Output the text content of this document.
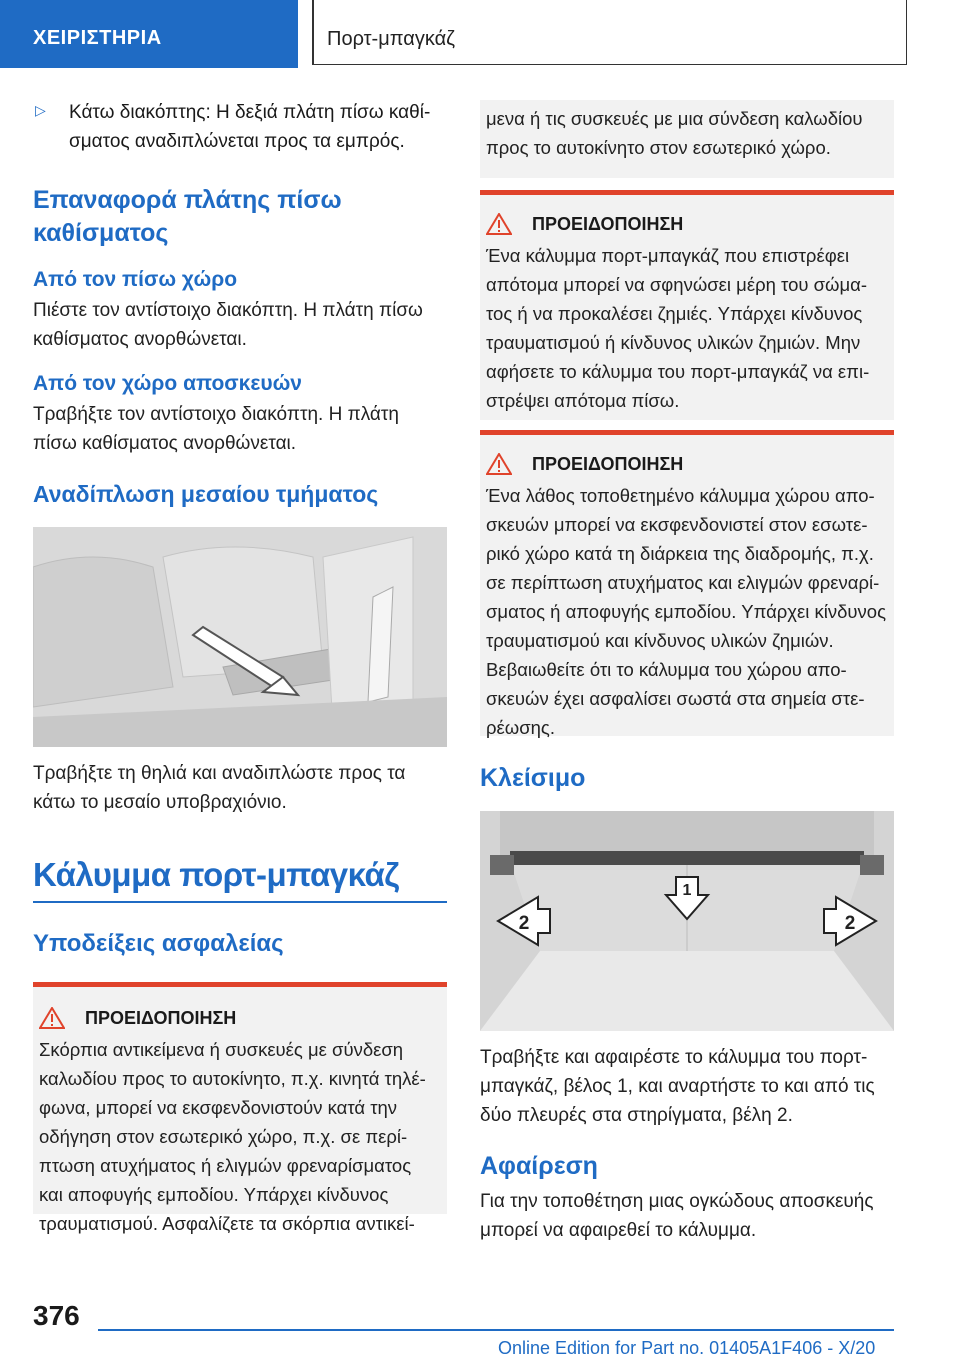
ΧΕΙΡΙΣΤΗΡΙΑ	Πορτ-μπαγκάζ
▷	Κάτω διακόπτης: Η δεξιά πλάτη πίσω καθίσματος αναδιπλώνεται προς τα εμπρός.

Επαναφορά πλάτης πίσω καθίσματος
Από τον πίσω χώρο

Πιέστε τον αντίστοιχο διακόπτη. Η πλάτη πίσω καθίσματος ανορθώνεται.

Από τον χώρο αποσκευών

Τραβήξτε τον αντίστοιχο διακόπτη. Η πλάτη πίσω καθίσματος ανορθώνεται.

Αναδίπλωση μεσαίου τμήματος

Τραβήξτε τη θηλιά και αναδιπλώστε προς τα κάτω το μεσαίο υποβραχιόνιο.

Κάλυμμα πορτ-μπαγκάζ
Υποδείξεις ασφαλείας
ΠΡΟΕΙΔΟΠΟΙΗΣΗ

Σκόρπια αντικείμενα ή συσκευές με σύνδεση καλωδίου προς το αυτοκίνητο, π.χ. κινητά τηλέφωνα, μπορεί να εκσφενδονιστούν κατά την οδήγηση στον εσωτερικό χώρο, π.χ. σε περίπτωση ατυχήματος ή ελιγμών φρεναρίσματος και αποφυγής εμποδίου. Υπάρχει κίνδυνος τραυματισμού. Ασφαλίζετε τα σκόρπια αντικεί-

μενα ή τις συσκευές με μια σύνδεση καλωδίου προς το αυτοκίνητο στον εσωτερικό χώρο.

ΠΡΟΕΙΔΟΠΟΙΗΣΗ

Ένα κάλυμμα πορτ-μπαγκάζ που επιστρέφει απότομα μπορεί να σφηνώσει μέρη του σώματος ή να προκαλέσει ζημιές. Υπάρχει κίνδυνος τραυματισμού ή κίνδυνος υλικών ζημιών. Μην αφήσετε το κάλυμμα του πορτ-μπαγκάζ να επιστρέψει απότομα πίσω.

ΠΡΟΕΙΔΟΠΟΙΗΣΗ

Ένα λάθος τοποθετημένο κάλυμμα χώρου αποσκευών μπορεί να εκσφενδονιστεί στον εσωτερικό χώρο κατά τη διάρκεια της διαδρομής, π.χ. σε περίπτωση ατυχήματος και ελιγμών φρεναρίσματος ή αποφυγής εμποδίου. Υπάρχει κίνδυνος τραυματισμού και κίνδυνος υλικών ζημιών. Βεβαιωθείτε ότι το κάλυμμα του χώρου αποσκευών έχει ασφαλίσει σωστά στα σημεία στερέωσης.

Κλείσιμο
1
2	2

Τραβήξτε και αφαιρέστε το κάλυμμα του πορτ-μπαγκάζ, βέλος 1, και αναρτήστε το και από τις δύο πλευρές στα στηρίγματα, βέλη 2.

Αφαίρεση

Για την τοποθέτηση μιας ογκώδους αποσκευής μπορεί να αφαιρεθεί το κάλυμμα.

376
Online Edition for Part no. 01405A1F406 - X/20
